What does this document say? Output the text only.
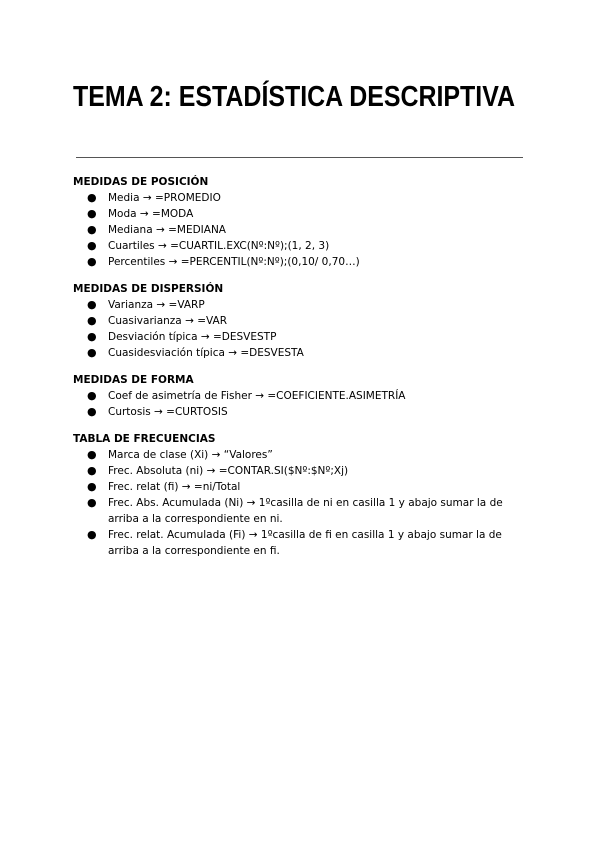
TEMA 2: ESTADÍSTICA DESCRIPTIVA

MEDIDAS DE POSICIÓN

● Media → =PROMEDIO
● Moda → =MODA
● Mediana → =MEDIANA
● Cuartiles → =CUARTIL.EXC(Nº:Nº);(1, 2, 3)
● Percentiles → =PERCENTIL(Nº:Nº);(0,10/ 0,70…)

MEDIDAS DE DISPERSIÓN

● Varianza → =VARP
● Cuasivarianza → =VAR
● Desviación típica → =DESVESTP
● Cuasidesviación típica → =DESVESTA

MEDIDAS DE FORMA

● Coef de asimetría de Fisher → =COEFICIENTE.ASIMETRÍA
● Curtosis → =CURTOSIS

TABLA DE FRECUENCIAS

● Marca de clase (Xi) → “Valores”
● Frec. Absoluta (ni) → =CONTAR.SI($Nº:$Nº;Xj)
● Frec. relat (fi) → =ni/Total
● Frec. Abs. Acumulada (Ni) → 1ºcasilla de ni en casilla 1 y abajo sumar la de arriba a la correspondiente en ni.
● Frec. relat. Acumulada (Fi) → 1ºcasilla de fi en casilla 1 y abajo sumar la de arriba a la correspondiente en fi.
